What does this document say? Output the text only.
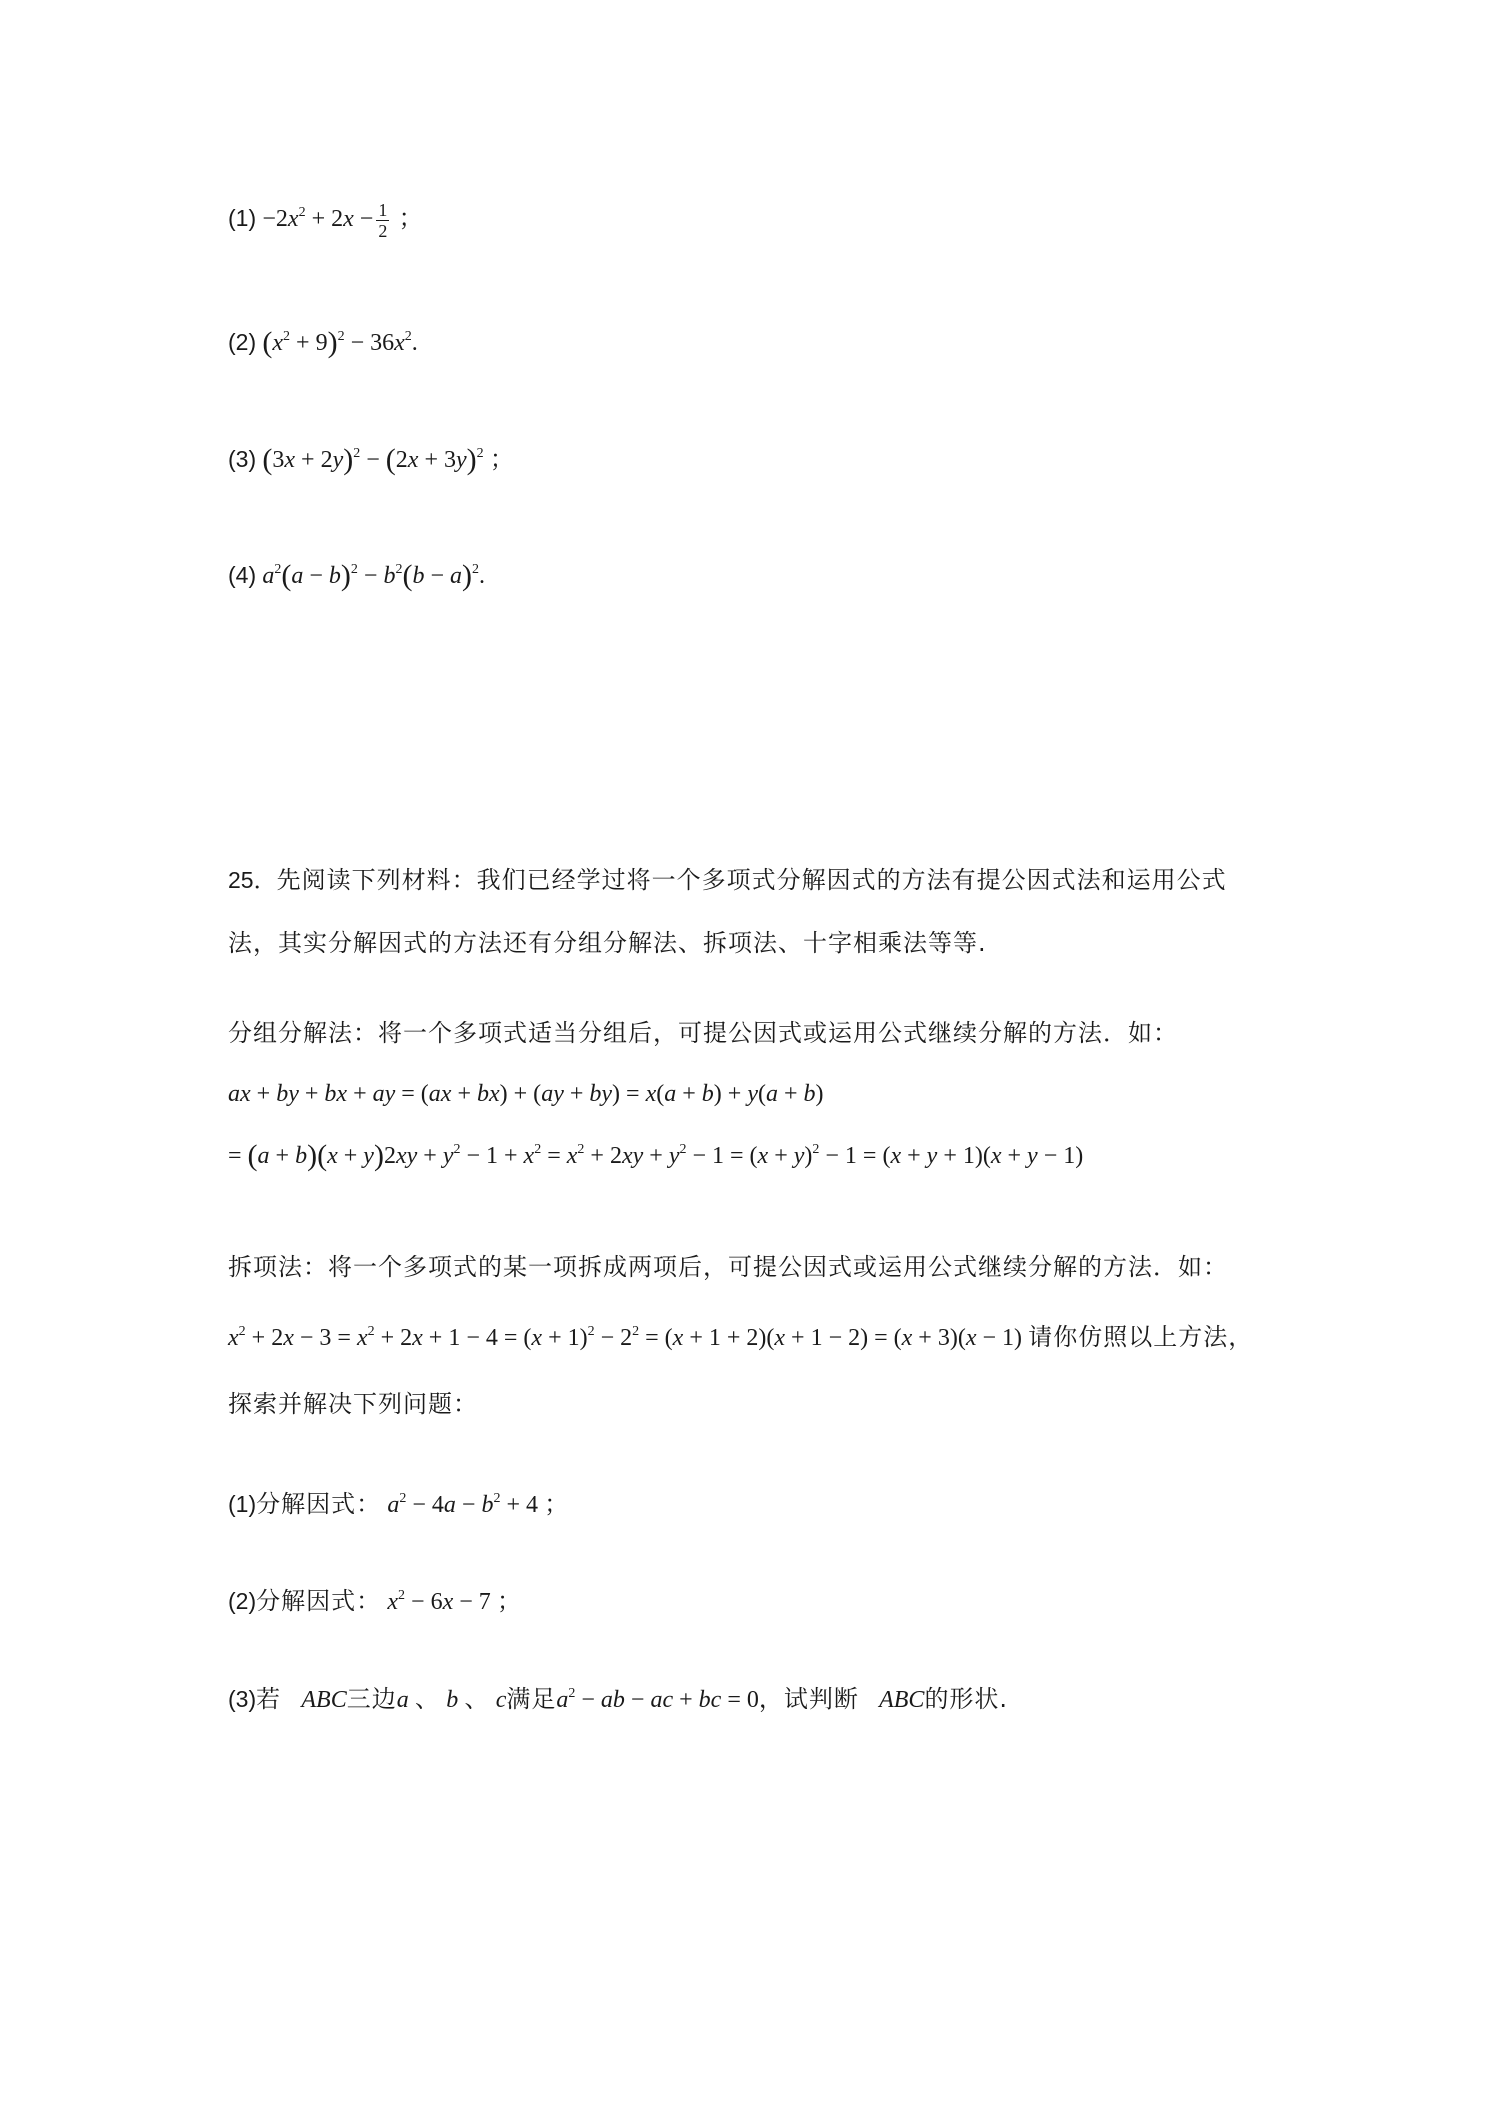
$(1) -2x^2 + 2x - \frac{1}{2}$ ；
(2) $(x^2 + 9)^2 - 36x^2$.
(3) $(3x + 2y)^2 - (2x + 3y)^2$ ；
(4) $a^2(a - b)^2 - b^2(b - a)^2$.
25．先阅读下列材料：我们已经学过将一个多项式分解因式的方法有提公因式法和运用公式
法，其实分解因式的方法还有分组分解法、拆项法、十字相乘法等等.
分组分解法：将一个多项式适当分组后，可提公因式或运用公式继续分解的方法．如：
ax + by + bx + ay = (ax + bx) + (ay + by) = x(a + b) + y(a + b)
= $(a + b)(x + y)2xy + y^2 - 1 + x^2 = x^2 + 2xy + y^2 - 1 = (x + y)^2 - 1 = (x + y + 1)(x + y - 1)$
拆项法：将一个多项式的某一项拆成两项后，可提公因式或运用公式继续分解的方法．如：
$x^2 + 2x - 3 = x^2 + 2x + 1 - 4 = (x + 1)^2 - 2^2 = (x + 1 + 2)(x + 1 - 2) = (x + 3)(x - 1)$ 请你仿照以上方法，
探索并解决下列问题：
(1)分解因式： $a^2 - 4a - b^2 + 4$ ；
(2)分解因式： $x^2 - 6x - 7$ ；
(3)若 ABC三边a 、 b 、 c满足$a^2$ − ab − ac + bc = 0，试判断 ABC的形状.
